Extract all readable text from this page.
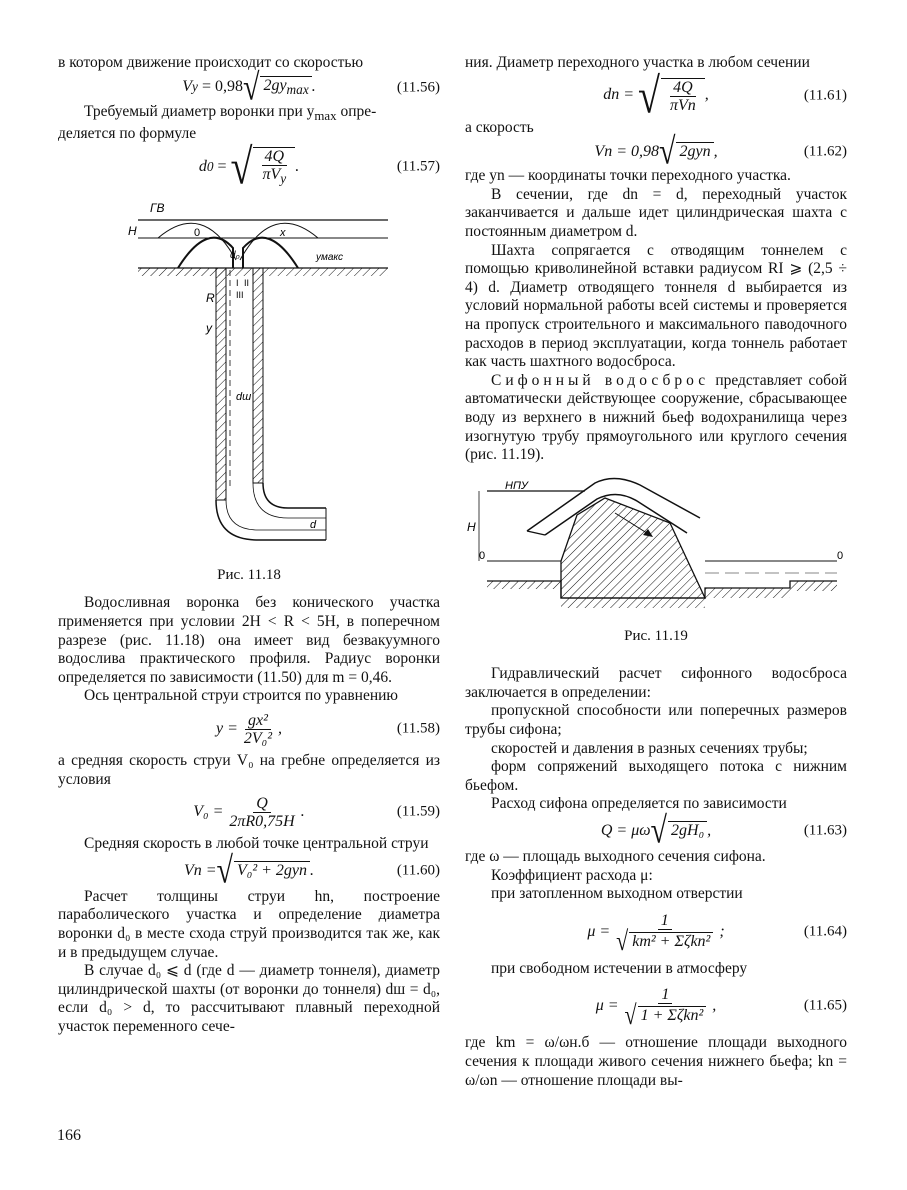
в котором движение происходит со скоростью

V y
= 0,98 √ $2gy_{max}$ .	(11.56)

Требуемый диаметр воронки при $y_{max}$ опре-

деляется по формуле

d 0
=
√ $\frac{4Q}{\pi V_y}$ .	(11.57)
ГВ
H	0	x
d₀	yмакс
R
y
I II
III
dш
d
Рис. 11.18

Водосливная воронка без конического участка применяется при условии 2H < R < 5H, в поперечном разрезе (рис. 11.18) она имеет вид безвакуумного водослива практического профиля. Радиус воронки определяется по зависимости (11.50) для m = 0,46.

Ось центральной струи строится по уравнению

$y = \frac{\text{gx²}}{\text{2V₀²}}$ ,	(11.58)

а средняя скорость струи V₀ на гребне определяется из условия

$V_0 = \frac{Q}{2\pi R0,75H}$ .	(11.59)

Средняя скорость в любой точке центральной струи

Vn = √ V₀² + 2gyn .	(11.60)

Расчет толщины струи hn, построение параболического участка и определение диаметра воронки d₀ в месте схода струй производится так же, как и в предыдущем случае.

В случае d₀ ⩽ d (где d — диаметр тоннеля), диаметр цилиндрической шахты (от воронки до тоннеля) dш = d₀, если d₀ > d, то рассчитывают плавный переходной участок переменного сече-

ния. Диаметр переходного участка в любом сечении

dn =
√ $\frac{4Q}{\text{πVn}}$ ,	(11.61)

а скорость

Vn = 0,98 √ 2gyn ,	(11.62)

где yn — координаты точки переходного участка.

В сечении, где dn = d, переходный участок заканчивается и дальше идет цилиндрическая шахта с постоянным диаметром d.

Шахта сопрягается с отводящим тоннелем с помощью криволинейной вставки радиусом RI ⩾ (2,5 ÷ 4) d. Диаметр отводящего тоннеля d выбирается из условий нормальной работы всей системы и проверяется на пропуск строительного и максимального паводочного расходов в период эксплуатации, когда тоннель работает как часть шахтного водосброса.

Сифонный водосброс представляет собой автоматически действующее сооружение, сбрасывающее воду из верхнего в нижний бьеф водохранилища через изогнутую трубу прямоугольного или круглого сечения (рис. 11.19).

НПУ
H
0	0
Рис. 11.19

Гидравлический расчет сифонного водосброса заключается в определении:

пропускной способности или поперечных размеров трубы сифона;

скоростей и давления в разных сечениях трубы;

форм сопряжений выходящего потока с нижним бьефом.

Расход сифона определяется по зависимости

Q = μω √ 2gH₀ ,	(11.63)

где ω — площадь выходного сечения сифона.

Коэффициент расхода μ:

при затопленном выходном отверстии

$\mu = \frac{1}{\text{√ km² + Σζkn²}}$ ;	(11.64)

при свободном истечении в атмосферу

$\mu = \frac{1}{\text{√ 1 + Σζkn²}}$ ,	(11.65)

где km = ω/ωн.б — отношение площади выходного сечения к площади живого сечения нижнего бьефа; kn = ω/ωn — отношение площади вы-

166
